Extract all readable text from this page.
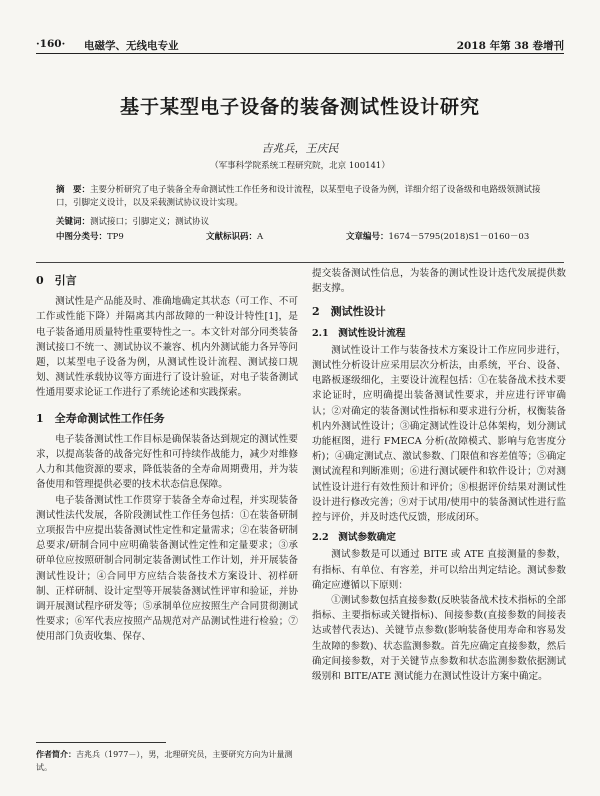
·160· 电磁学、无线电专业	2018 年第 38 卷增刊
基于某型电子设备的装备测试性设计研究
吉兆兵，王庆民
（军事科学院系统工程研究院，北京 100141）
摘　要：主要分析研究了电子装备全寿命测试性工作任务和设计流程，以某型电子设备为例，详细介绍了设备级和电路级领测试接口，引脚定义设计，以及采载测试协议设计实现。
关键词：测试接口；引脚定义；测试协议
中图分类号：TP9	文献标识码：A	文章编号：1674－5795(2018)S1－0160－03
0　引言

测试性是产品能及时、准确地确定其状态（可工作、不可工作或性能下降）并隔离其内部故障的一种设计特性[1]，是电子装备通用质量特性重要特性之一。本文针对部分同类装备测试接口不统一、测试协议不兼容、机内外测试能力各异等问题，以某型电子设备为例，从测试性设计流程、测试接口规划、测试性承载协议等方面进行了设计验证，对电子装备测试性通用要求论证工作进行了系统论述和实践探索。

1　全寿命测试性工作任务

电子装备测试性工作目标是确保装备达到规定的测试性要求，以提高装备的战备完好性和可持续作战能力，减少对维修人力和其他资源的要求，降低装备的全寿命周期费用，并为装备使用和管理提供必要的技术状态信息保障。

电子装备测试性工作贯穿于装备全寿命过程，并实现装备测试性法代发展，各阶段测试性工作任务包括：①在装备研制立项报告中应提出装备测试性定性和定量需求；②在装备研制总要求/研制合同中应明确装备测试性定性和定量要求；③承研单位应按照研制合同制定装备测试性工作计划，并开展装备测试性设计；④合同甲方应结合装备技术方案设计、初样研制、正样研制、设计定型等开展装备测试性评审和验证，并协调开展测试程序研发等；⑤承制单位应按照生产合同贯彻测试性要求；⑥军代表应按照产品规范对产品测试性进行检验；⑦使用部门负责收集、保存、

提交装备测试性信息，为装备的测试性设计迭代发展提供数据支撑。

2　测试性设计
2.1　测试性设计流程

测试性设计工作与装备技术方案设计工作应同步进行，测试性分析设计应采用层次分析法，由系统，平台、设备、电路板逐级细化，主要设计流程包括：①在装备战术技术要求论证时，应明确提出装备测试性要求，并应进行评审确认；②对确定的装备测试性指标和要求进行分析，权衡装备机内外测试性设计；③确定测试性设计总体架构，划分测试功能框图，进行 FMECA 分析(故障模式、影响与危害度分析)；④确定测试点、激试参数、门限值和容差值等；⑤确定测试流程和判断准则；⑥进行测试硬件和软件设计；⑦对测试性设计进行有效性预计和评价；⑧根据评价结果对测试性设计进行修改完善；⑨对于试用/使用中的装备测试性进行监控与评价，并及时迭代反馈，形成闭环。

2.2　测试参数确定

测试参数是可以通过 BITE 或 ATE 直接测量的参数，有指标、有单位、有容差，并可以给出判定结论。测试参数确定应遵循以下原则：

①测试参数包括直接参数(反映装备战术技术指标的全部指标、主要指标或关键指标)、间接参数(直接参数的间接表达或替代表达)、关键节点参数(影响装备使用寿命和容易发生故障的参数)、状态监测参数。首先应确定直接参数，然后确定间接参数，对于关键节点参数和状态监测参数依据测试级别和 BITE/ATE 测试能力在测试性设计方案中确定。

作者简介：吉兆兵（1977－），男，北理研究员，主要研究方向为计量测试。
